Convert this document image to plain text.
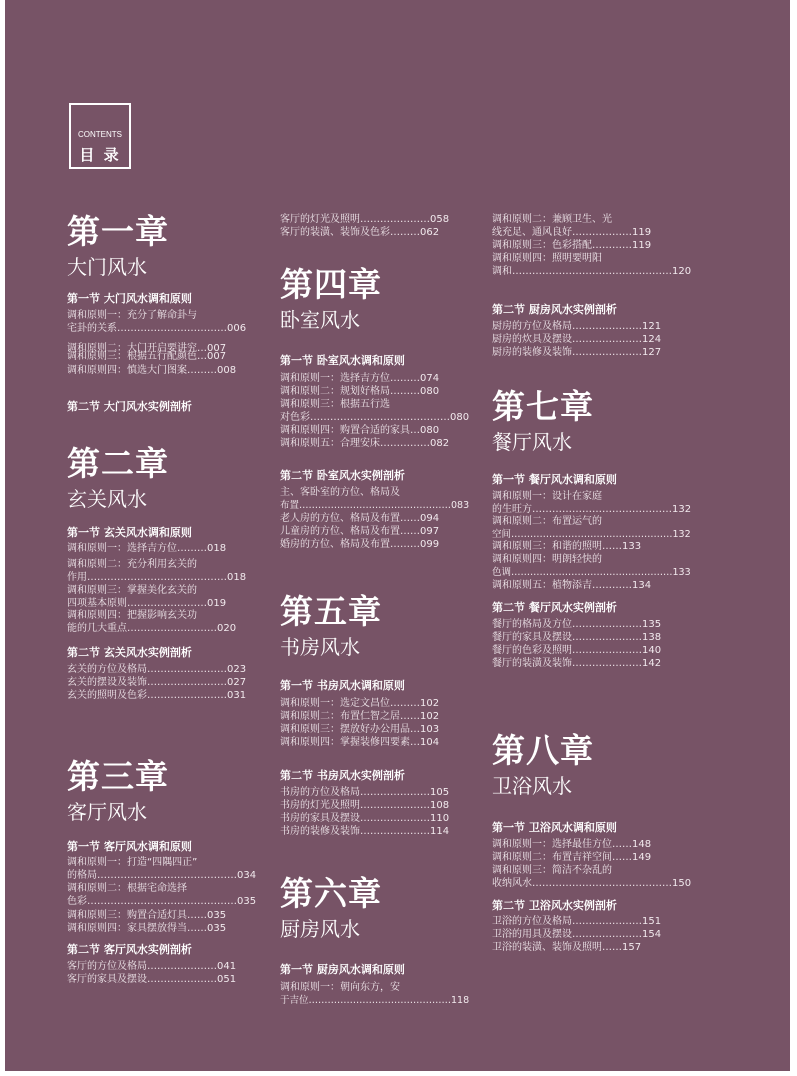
CONTENTS
目 录
第一章
大门风水
第一节 大门风水调和原则
调和原则一：充分了解命卦与
宅卦的关系……………………………006
调和原则二：大门开启要讲究…007
调和原则三：根据五行配颜色…007
调和原则四：慎选大门图案………008
第二节 大门风水实例剖析
第二章
玄关风水
第一节 玄关风水调和原则
调和原则一：选择吉方位………018
调和原则二：充分利用玄关的
作用……………………………………018
调和原则三：掌握美化玄关的
四项基本原则……………………019
调和原则四：把握影响玄关功
能的几大重点………………………020
第二节 玄关风水实例剖析
玄关的方位及格局……………………023
玄关的摆设及装饰……………………027
玄关的照明及色彩……………………031
第三章
客厅风水
第一节 客厅风水调和原则
调和原则一：打造“四隅四正”
的格局……………………………………034
调和原则二：根据宅命选择
色彩………………………………………035
调和原则三：购置合适灯具……035
调和原则四：家具摆放得当……035
第二节 客厅风水实例剖析
客厅的方位及格局…………………041
客厅的家具及摆设…………………051
客厅的灯光及照明…………………058
客厅的装潢、装饰及色彩………062
第四章
卧室风水
第一节 卧室风水调和原则
调和原则一：选择吉方位………074
调和原则二：规划好格局………080
调和原则三：根据五行选
对色彩……………………………………080
调和原则四：购置合适的家具…080
调和原则五：合理安床……………082
第二节 卧室风水实例剖析
主、客卧室的方位、格局及
布置…………………………………………083
老人房的方位、格局及布置……094
儿童房的方位、格局及布置……097
婚房的方位、格局及布置………099
第五章
书房风水
第一节 书房风水调和原则
调和原则一：选定文昌位………102
调和原则二：布置仁智之居……102
调和原则三：摆放好办公用品…103
调和原则四：掌握装修四要素…104
第二节 书房风水实例剖析
书房的方位及格局…………………105
书房的灯光及照明…………………108
书房的家具及摆设…………………110
书房的装修及装饰…………………114
第六章
厨房风水
第一节 厨房风水调和原则
调和原则一：朝向东方，安
于吉位………………………………………118
调和原则二：兼顾卫生、光
线充足、通风良好………………119
调和原则三：色彩搭配…………119
调和原则四：照明要明阳
调和…………………………………………120
第二节 厨房风水实例剖析
厨房的方位及格局…………………121
厨房的炊具及摆设…………………124
厨房的装修及装饰…………………127
第七章
餐厅风水
第一节 餐厅风水调和原则
调和原则一：设计在家庭
的生旺方……………………………………132
调和原则二：布置运气的
空间……………………………………………132
调和原则三：和谐的照明……133
调和原则四：明朗轻快的
色调……………………………………………133
调和原则五：植物添吉…………134
第二节 餐厅风水实例剖析
餐厅的格局及方位…………………135
餐厅的家具及摆设…………………138
餐厅的色彩及照明…………………140
餐厅的装潢及装饰…………………142
第八章
卫浴风水
第一节 卫浴风水调和原则
调和原则一：选择最佳方位……148
调和原则二：布置吉祥空间……149
调和原则三：简洁不杂乱的
收纳风水……………………………………150
第二节 卫浴风水实例剖析
卫浴的方位及格局…………………151
卫浴的用具及摆设…………………154
卫浴的装潢、装饰及照明……157
